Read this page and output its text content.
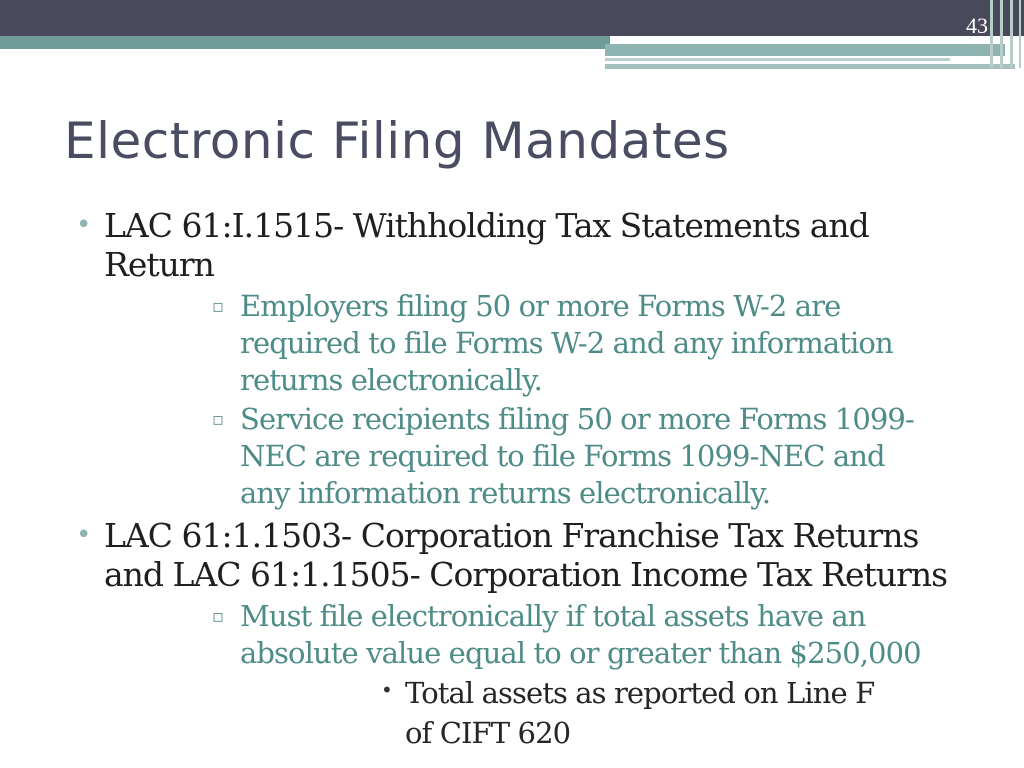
43
Electronic Filing Mandates
• LAC 61:I.1515- Withholding Tax Statements and Return
▫ Employers filing 50 or more Forms W-2 are required to file Forms W-2 and any information returns electronically.
▫ Service recipients filing 50 or more Forms 1099-NEC are required to file Forms 1099-NEC and any information returns electronically.
• LAC 61:1.1503- Corporation Franchise Tax Returns and LAC 61:1.1505- Corporation Income Tax Returns
▫ Must file electronically if total assets have an absolute value equal to or greater than $250,000
• Total assets as reported on Line F of CIFT 620
